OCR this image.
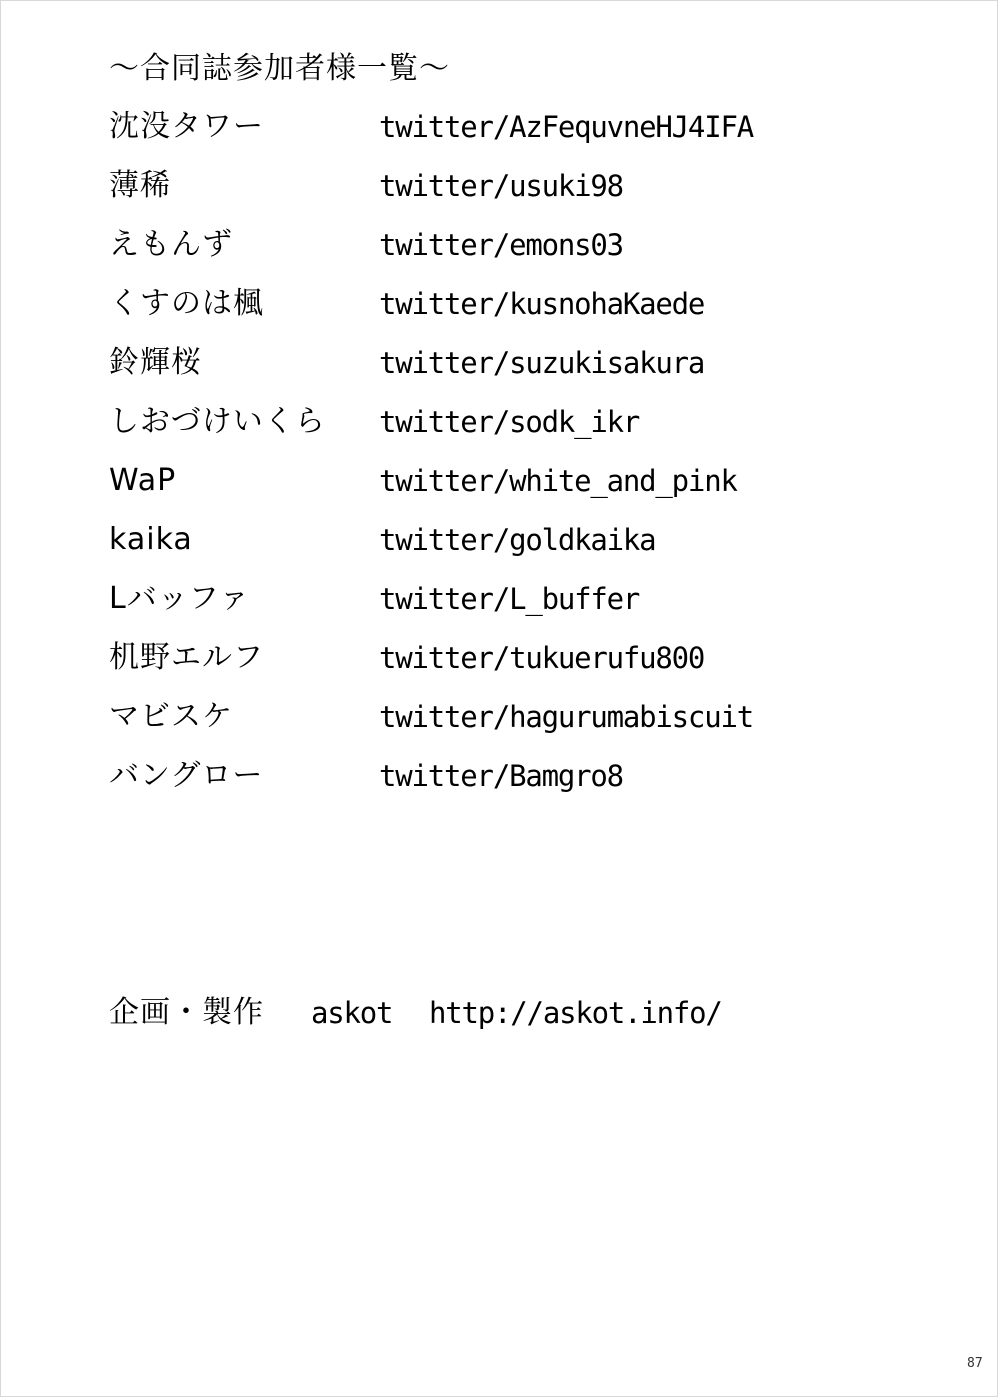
～合同誌参加者様一覧～
沈没タワー	twitter/AzFequvneHJ4IFA
薄稀	twitter/usuki98
えもんず	twitter/emons03
くすのは楓	twitter/kusnohaKaede
鈴輝桜	twitter/suzukisakura
しおづけいくら twitter/sodk_ikr
WaP	twitter/white_and_pink
kaika	twitter/goldkaika
Lバッファ	twitter/L_buffer
机野エルフ	twitter/tukuerufu800
マビスケ	twitter/hagurumabiscuit
バングロー	twitter/Bamgro8
企画・製作 askot http://askot.info/
87
